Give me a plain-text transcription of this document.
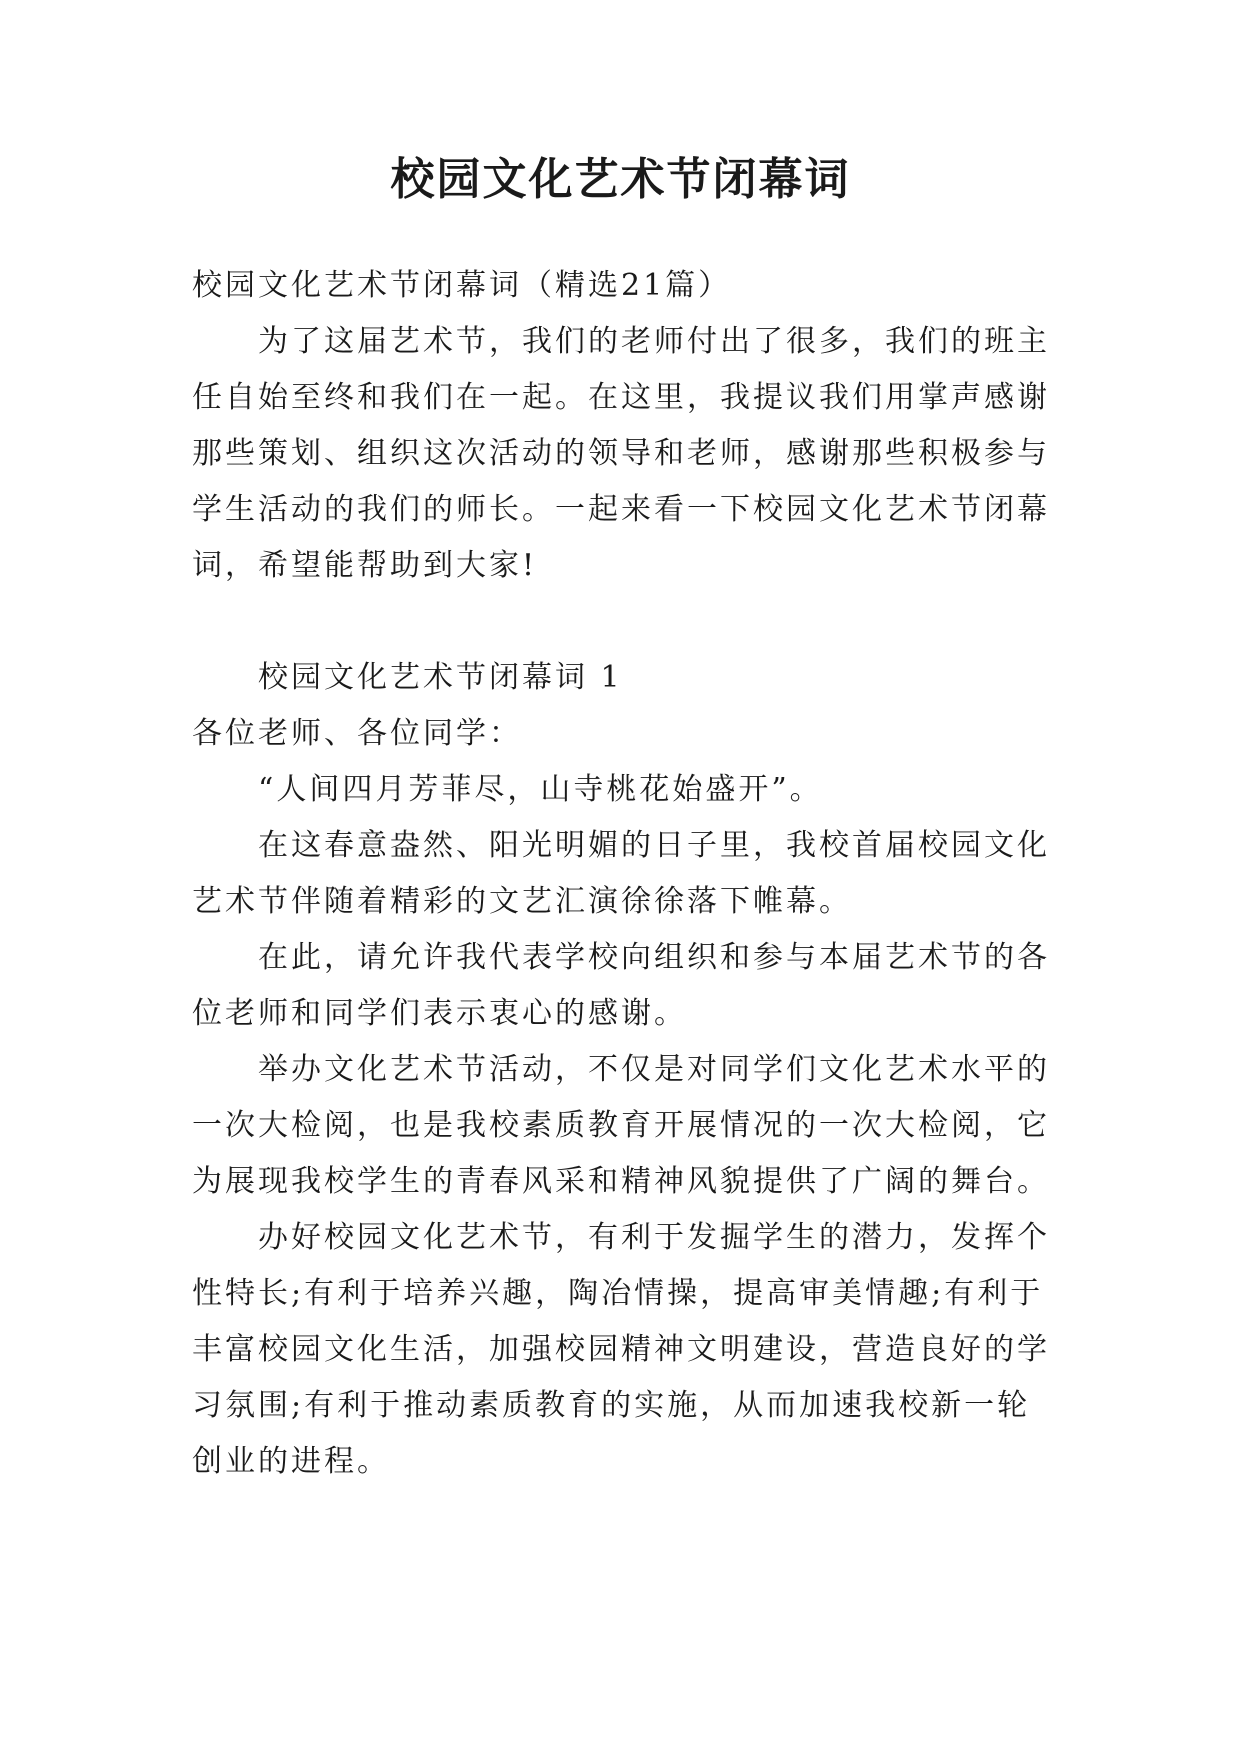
校园文化艺术节闭幕词

校园文化艺术节闭幕词（精选21篇）

为了这届艺术节，我们的老师付出了很多，我们的班主任自始至终和我们在一起。在这里，我提议我们用掌声感谢那些策划、组织这次活动的领导和老师，感谢那些积极参与学生活动的我们的师长。一起来看一下校园文化艺术节闭幕词，希望能帮助到大家!

校园文化艺术节闭幕词 1

各位老师、各位同学：

“人间四月芳菲尽，山寺桃花始盛开”。

在这春意盎然、阳光明媚的日子里，我校首届校园文化艺术节伴随着精彩的文艺汇演徐徐落下帷幕。

在此，请允许我代表学校向组织和参与本届艺术节的各位老师和同学们表示衷心的感谢。

举办文化艺术节活动，不仅是对同学们文化艺术水平的一次大检阅，也是我校素质教育开展情况的一次大检阅，它为展现我校学生的青春风采和精神风貌提供了广阔的舞台。

办好校园文化艺术节，有利于发掘学生的潜力，发挥个性特长;有利于培养兴趣，陶冶情操，提高审美情趣;有利于丰富校园文化生活，加强校园精神文明建设，营造良好的学习氛围;有利于推动素质教育的实施，从而加速我校新一轮创业的进程。
